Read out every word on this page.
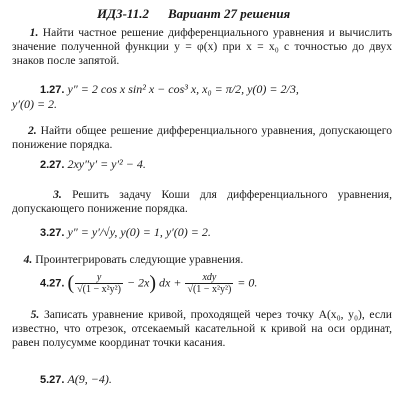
ИДЗ-11.2 Вариант 27 решения
1. Найти частное решение дифференциального уравнения и вычислить значение полученной функции y = φ(x) при x = x₀ с точностью до двух знаков после запятой.
1.27. y″ = 2 cos x sin² x − cos³ x, x₀ = π/2, y(0) = 2/3,
y′(0) = 2.
2. Найти общее решение дифференциального уравнения, допускающего понижение порядка.
2.27. 2xy″y′ = y′² − 4.
3. Решить задачу Коши для дифференциального уравнения, допускающего понижение порядка.
3.27. y″ = y′/√y, y(0) = 1, y′(0) = 2.
4. Проинтегрировать следующие уравнения.
4.27. ( $\frac{y}{\text{√(1 − x²y²)}} - 2x$) dx + $\frac{\text{xdy}}{\text{√(1 − x²y²)}} = 0$.
5. Записать уравнение кривой, проходящей через точку A(x₀, y₀), если известно, что отрезок, отсекаемый касательной к кривой на оси ординат, равен полусумме координат точки касания.
5.27. A(9, −4).
